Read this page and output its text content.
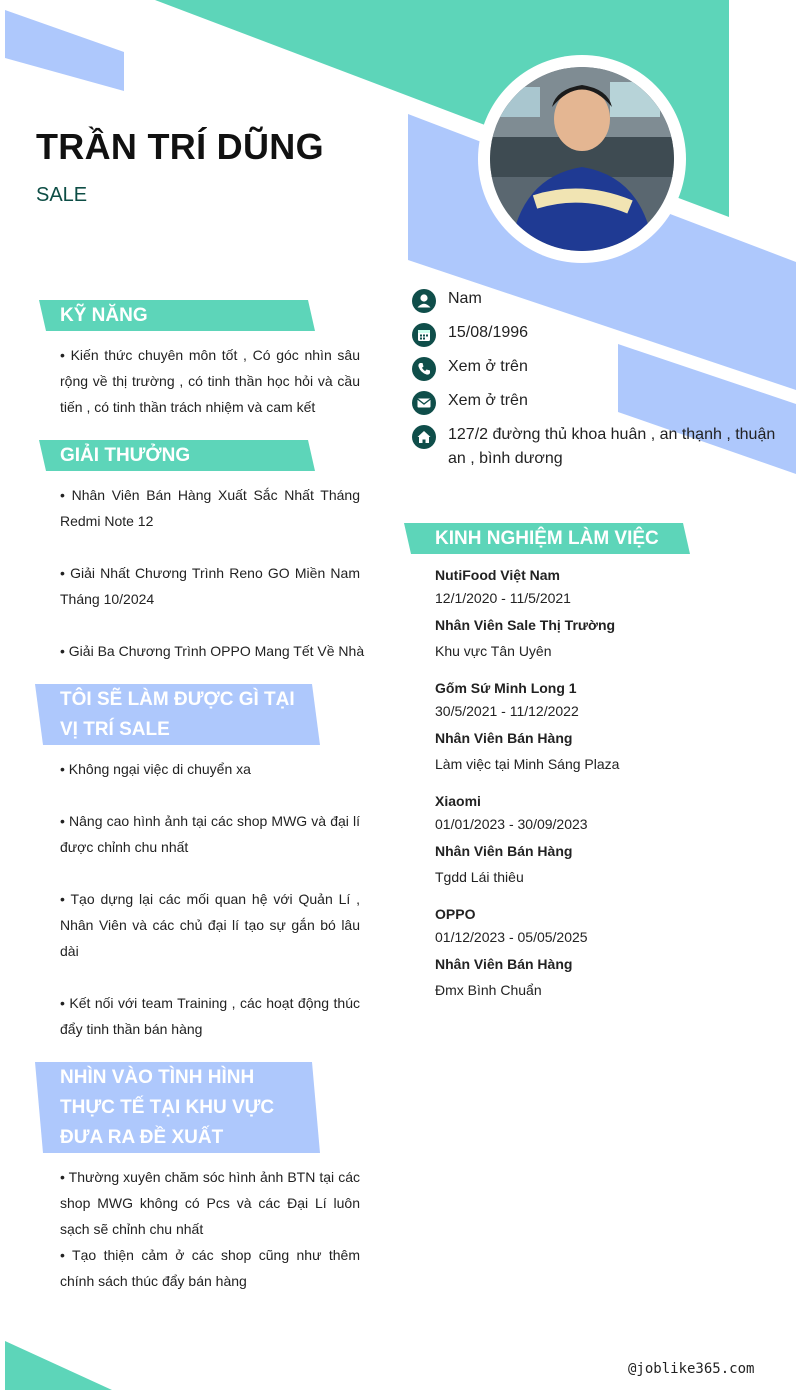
TRẦN TRÍ DŨNG
SALE
Nam
15/08/1996
Xem ở trên
Xem ở trên
127/2 đường thủ khoa huân , an thạnh , thuận an , bình dương
KỸ NĂNG
• Kiến thức chuyên môn tốt , Có góc nhìn sâu rộng về thị trường , có tinh thần học hỏi và cầu tiến , có tinh thần trách nhiệm và cam kết
GIẢI THƯỞNG
• Nhân Viên Bán Hàng Xuất Sắc Nhất Tháng Redmi Note 12
• Giải Nhất Chương Trình Reno GO Miền Nam Tháng 10/2024
• Giải Ba Chương Trình OPPO Mang Tết Về Nhà
TÔI SẼ LÀM ĐƯỢC GÌ TẠI VỊ TRÍ SALE
• Không ngại việc di chuyển xa
• Nâng cao hình ảnh tại các shop MWG và đại lí được chỉnh chu nhất
• Tạo dựng lại các mối quan hệ với Quản Lí , Nhân Viên và các chủ đại lí tạo sự gắn bó lâu dài
• Kết nối với team Training , các hoạt động thúc đẩy tinh thần bán hàng
NHÌN VÀO TÌNH HÌNH THỰC TẾ TẠI KHU VỰC ĐƯA RA ĐỀ XUẤT
• Thường xuyên chăm sóc hình ảnh BTN tại các shop MWG không có Pcs và các Đại Lí luôn sạch sẽ chỉnh chu nhất
• Tạo thiện cảm ở các shop cũng như thêm chính sách thúc đẩy bán hàng
KINH NGHIỆM LÀM VIỆC
NutiFood Việt Nam
12/1/2020 - 11/5/2021
Nhân Viên Sale Thị Trường
Khu vực Tân Uyên
Gốm Sứ Minh Long 1
30/5/2021 - 11/12/2022
Nhân Viên Bán Hàng
Làm việc tại Minh Sáng Plaza
Xiaomi
01/01/2023 - 30/09/2023
Nhân Viên Bán Hàng
Tgdd Lái thiêu
OPPO
01/12/2023 - 05/05/2025
Nhân Viên Bán Hàng
Đmx Bình Chuẩn
@joblike365.com
